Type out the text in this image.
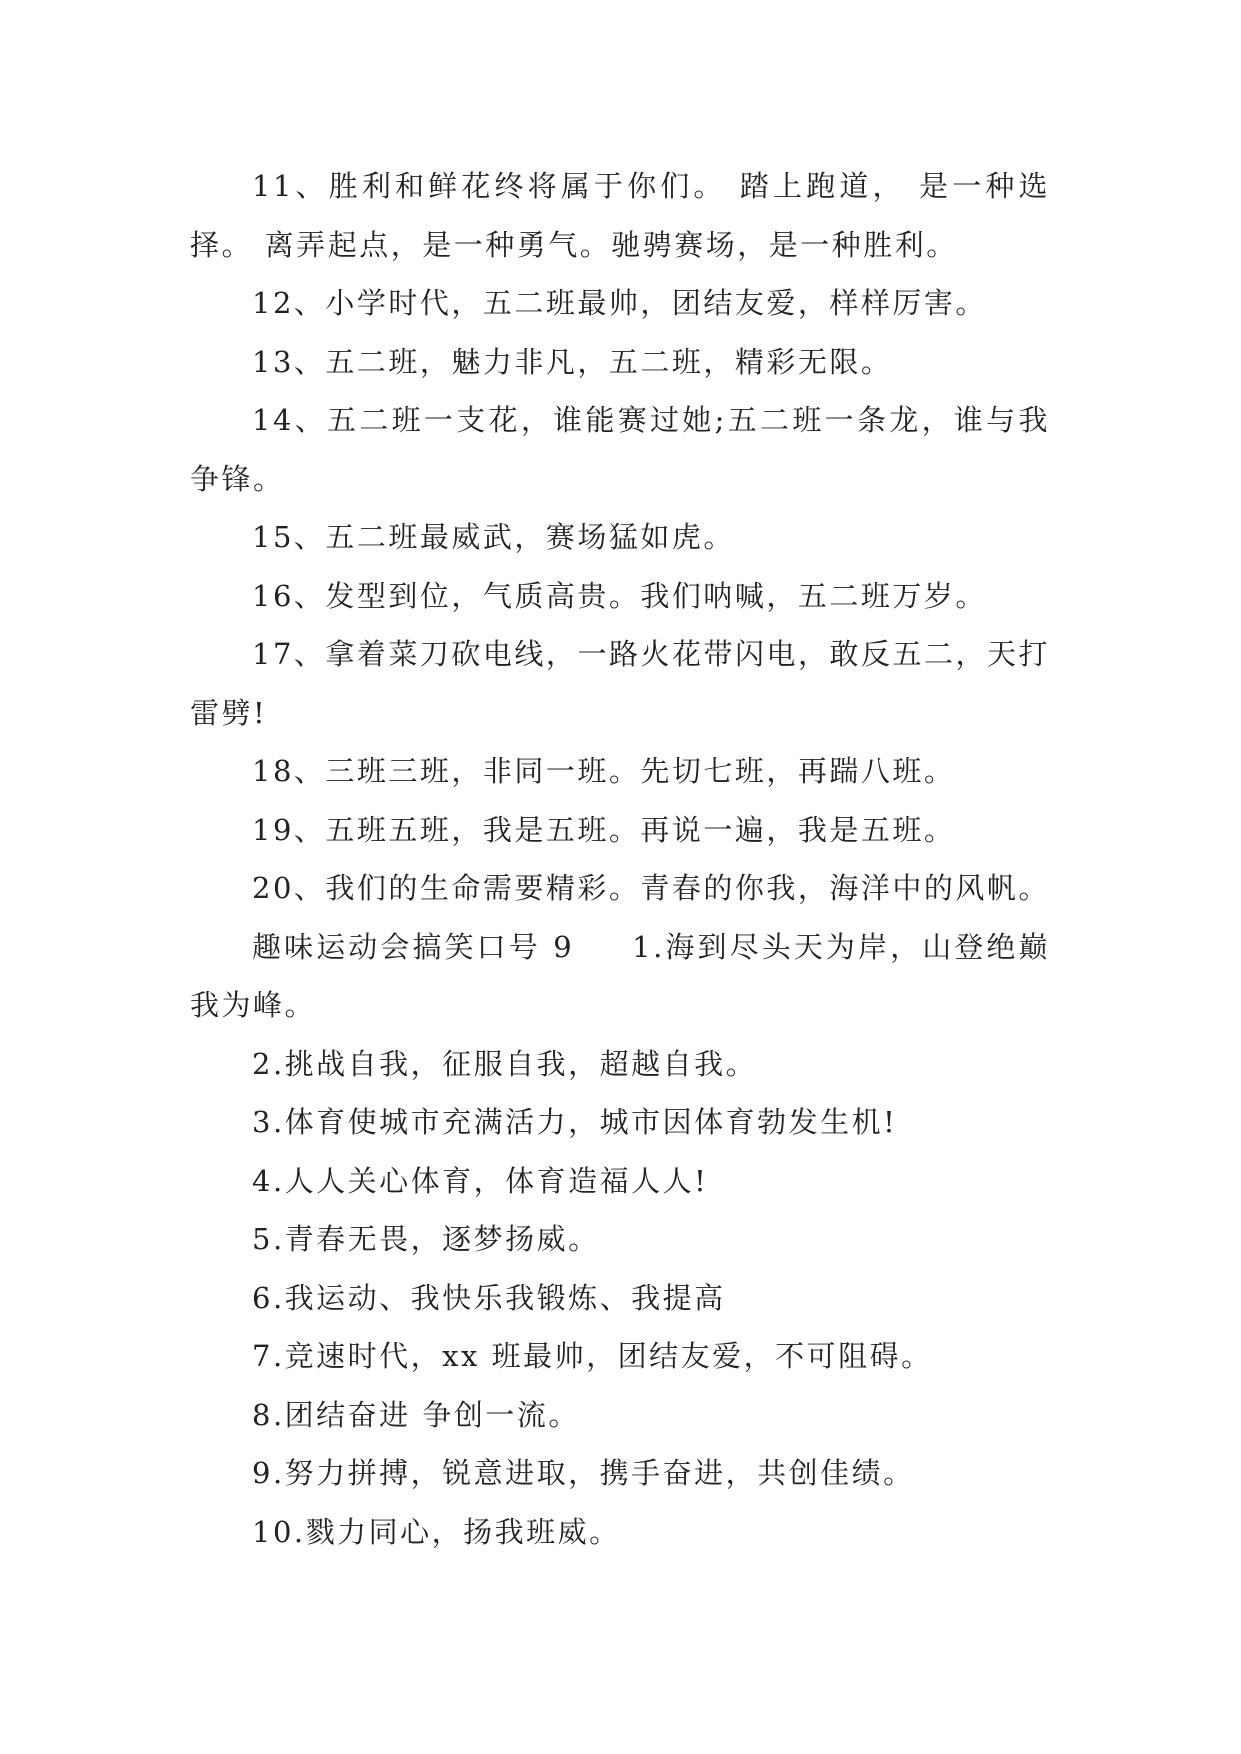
11、胜利和鲜花终将属于你们。 踏上跑道， 是一种选择。 离弄起点，是一种勇气。驰骋赛场，是一种胜利。

12、小学时代，五二班最帅，团结友爱，样样厉害。

13、五二班，魅力非凡，五二班，精彩无限。

14、五二班一支花，谁能赛过她;五二班一条龙，谁与我争锋。

15、五二班最威武，赛场猛如虎。

16、发型到位，气质高贵。我们呐喊，五二班万岁。

17、拿着菜刀砍电线，一路火花带闪电，敢反五二，天打雷劈!

18、三班三班，非同一班。先切七班，再踹八班。

19、五班五班，我是五班。再说一遍，我是五班。

20、我们的生命需要精彩。青春的你我，海洋中的风帆。

趣味运动会搞笑口号 9 1.海到尽头天为岸，山登绝巅我为峰。

2.挑战自我，征服自我，超越自我。

3.体育使城市充满活力，城市因体育勃发生机!

4.人人关心体育，体育造福人人!

5.青春无畏，逐梦扬威。

6.我运动、我快乐我锻炼、我提高

7.竞速时代，xx 班最帅，团结友爱，不可阻碍。

8.团结奋进 争创一流。

9.努力拼搏，锐意进取，携手奋进，共创佳绩。

10.戮力同心，扬我班威。
